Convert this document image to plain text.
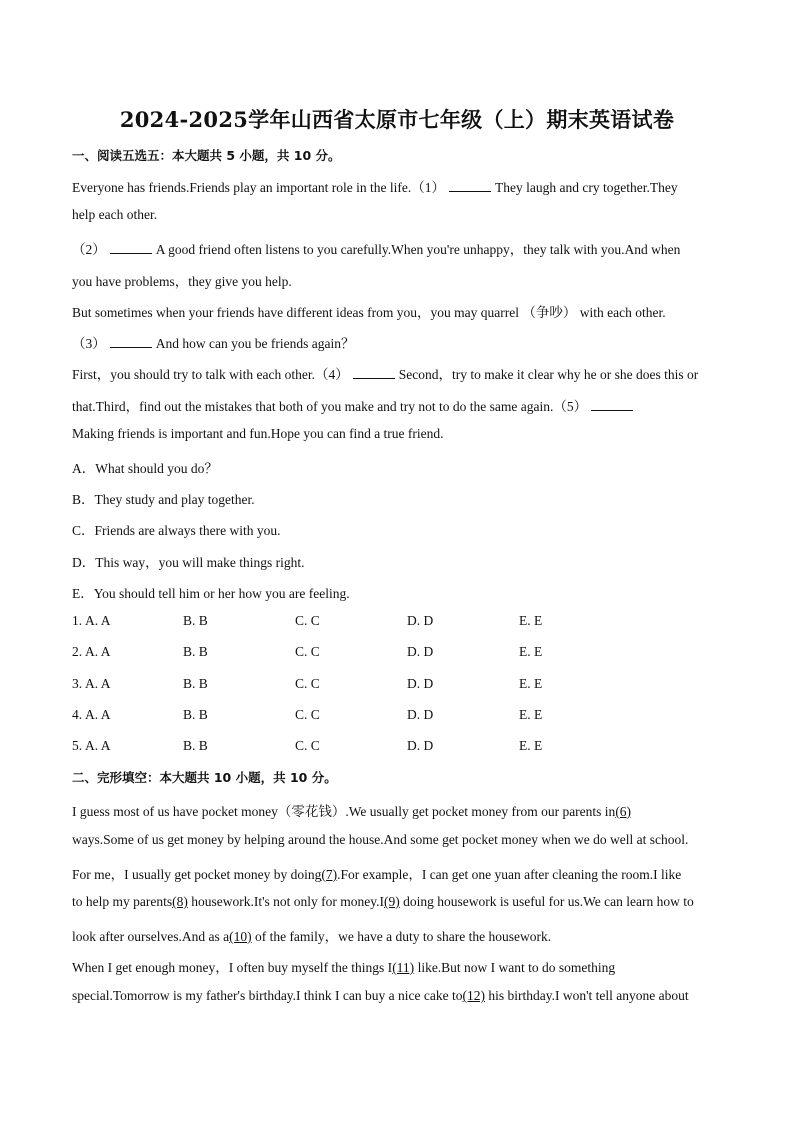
2024-2025学年山西省太原市七年级（上）期末英语试卷
一、阅读五选五：本大题共 5 小题，共 10 分。
Everyone has friends.Friends play an important role in the life.（1）	They laugh and cry together.They
help each other.
（2）	A good friend often listens to you carefully.When you're unhappy，they talk with you.And when
you have problems，they give you help.
But sometimes when your friends have different ideas from you，you may quarrel （争吵） with each other.
（3）	And how can you be friends again？
First，you should try to talk with each other.（4）	Second，try to make it clear why he or she does this or
that.Third，find out the mistakes that both of you make and try not to do the same again.（5）
Making friends is important and fun.Hope you can find a true friend.
A．What should you do？
B．They study and play together.
C．Friends are always there with you.
D．This way，you will make things right.
E．You should tell him or her how you are feeling.
1. A. A	B. B	C. C	D. D	E. E
2. A. A	B. B	C. C	D. D	E. E
3. A. A	B. B	C. C	D. D	E. E
4. A. A	B. B	C. C	D. D	E. E
5. A. A	B. B	C. C	D. D	E. E
二、完形填空：本大题共 10 小题，共 10 分。
I guess most of us have pocket money（零花钱）.We usually get pocket money from our parents in(6)
ways.Some of us get money by helping around the house.And some get pocket money when we do well at school.
For me，I usually get pocket money by doing(7).For example，I can get one yuan after cleaning the room.I like
to help my parents(8) housework.It's not only for money.I(9) doing housework is useful for us.We can learn how to
look after ourselves.And as a(10) of the family，we have a duty to share the housework.
When I get enough money，I often buy myself the things I(11) like.But now I want to do something
special.Tomorrow is my father's birthday.I think I can buy a nice cake to(12) his birthday.I won't tell anyone about
